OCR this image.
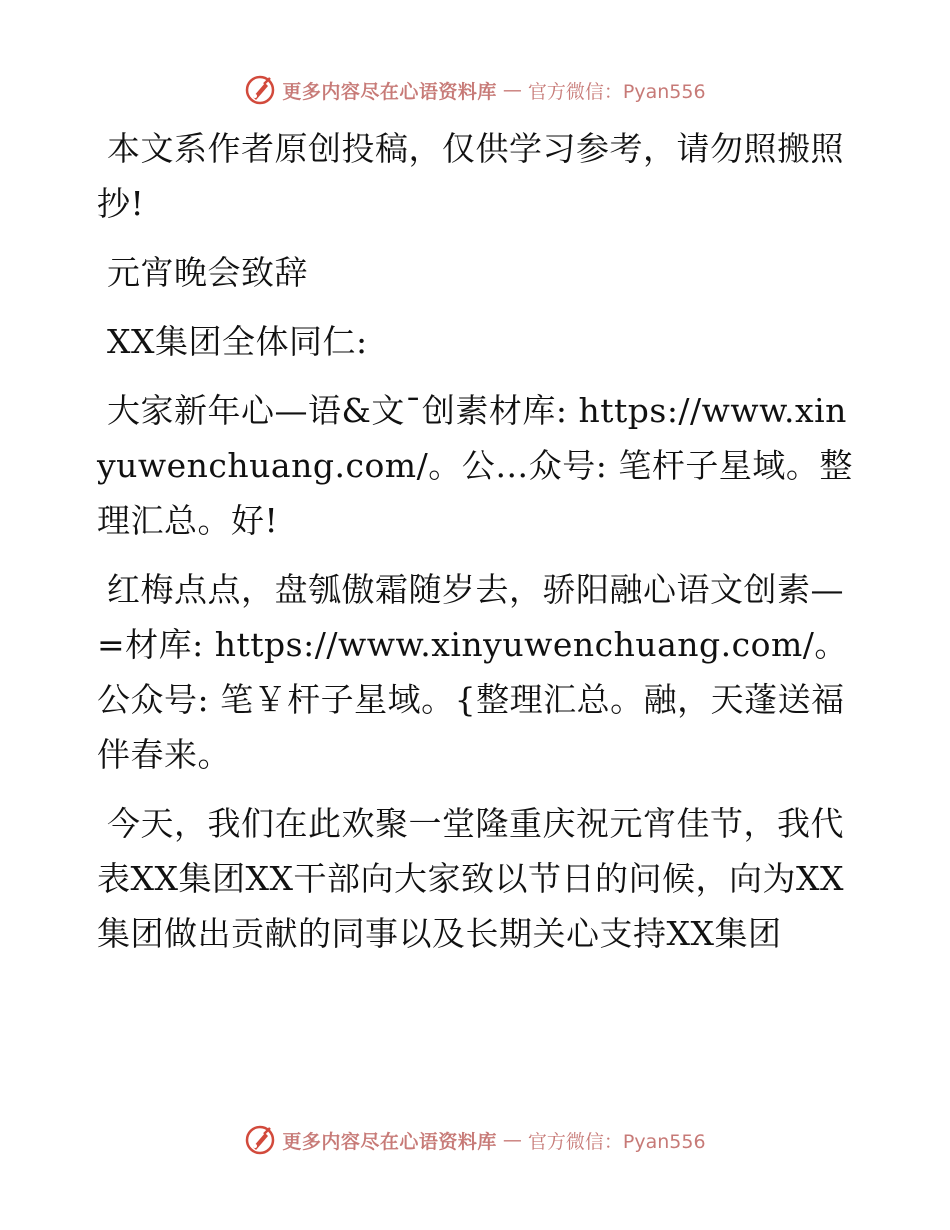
更多内容尽在心语资料库 — 官方微信：Pyan556

本文系作者原创投稿，仅供学习参考，请勿照搬照抄!

元宵晚会致辞

XX集团全体同仁:

大家新年心—语&文¯创素材库: https://www.xinyuwenchuang.com/。公…众号: 笔杆子星域。整理汇总。好!

红梅点点，盘瓠傲霜随岁去，骄阳融心语文创素—=材库: https://www.xinyuwenchuang.com/。公众号: 笔￥杆子星域。{整理汇总。融，天蓬送福伴春来。

今天，我们在此欢聚一堂隆重庆祝元宵佳节，我代表XX集团XX干部向大家致以节日的问候，向为XX集团做出贡献的同事以及长期关心支持XX集团

更多内容尽在心语资料库 — 官方微信：Pyan556
